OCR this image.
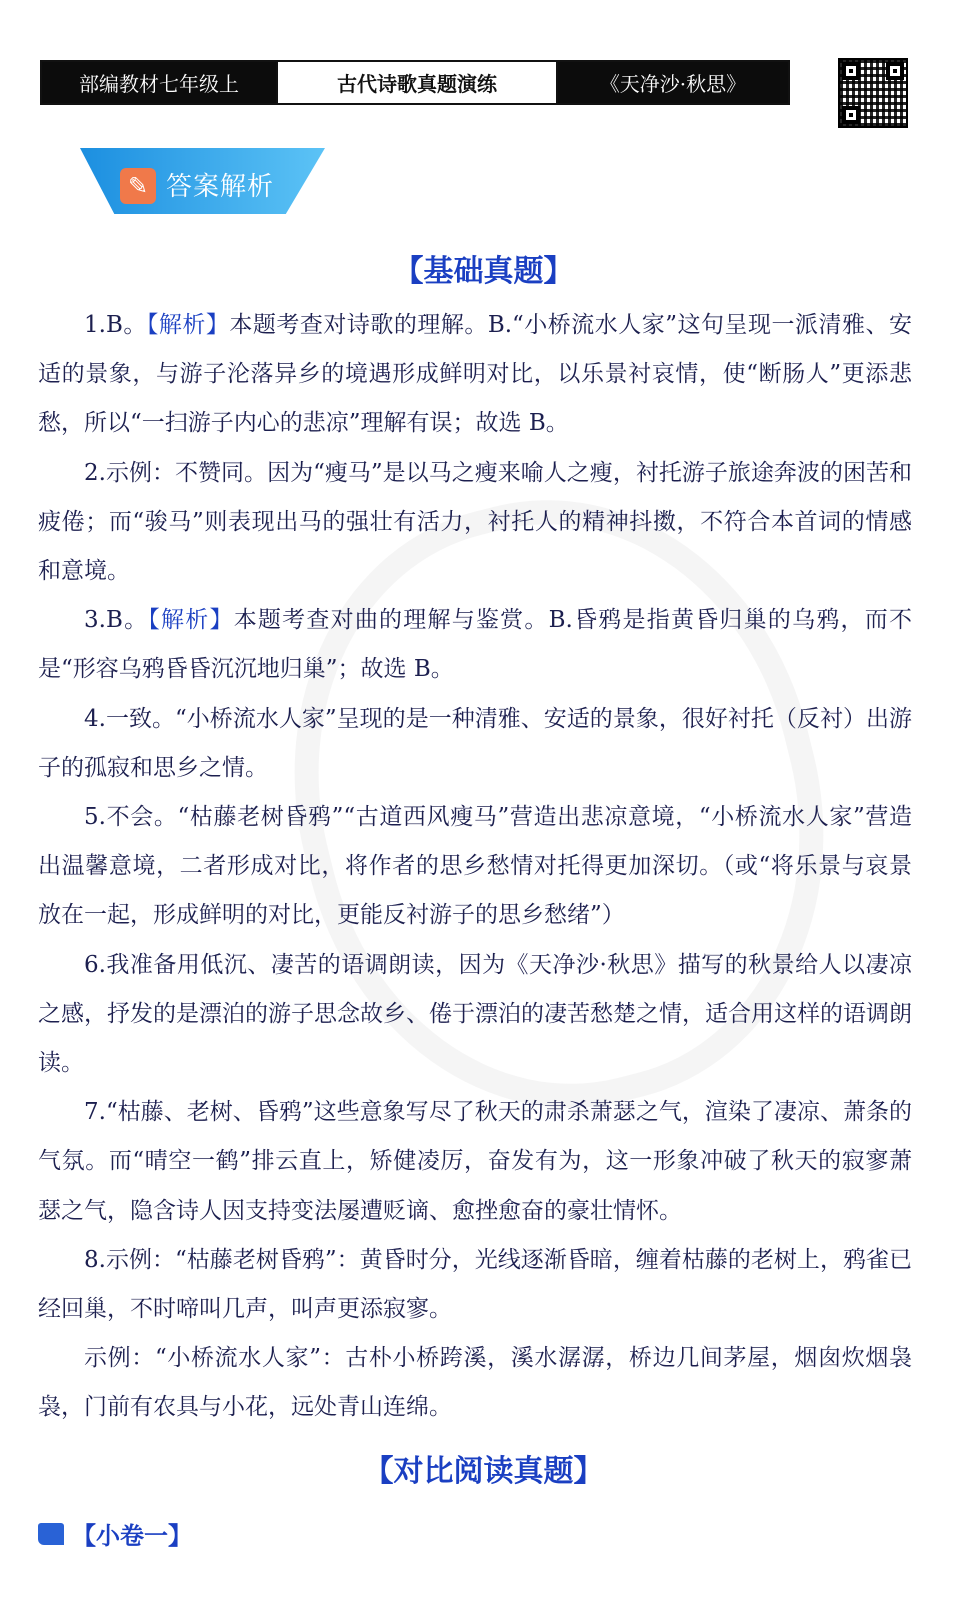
部编教材七年级上	古代诗歌真题演练	《天净沙·秋思》
✎ 答案解析
【基础真题】

1.B。【解析】本题考查对诗歌的理解。B.“小桥流水人家”这句呈现一派清雅、安适的景象，与游子沦落异乡的境遇形成鲜明对比，以乐景衬哀情，使“断肠人”更添悲愁，所以“一扫游子内心的悲凉”理解有误；故选 B。

2.示例：不赞同。因为“瘦马”是以马之瘦来喻人之瘦，衬托游子旅途奔波的困苦和疲倦；而“骏马”则表现出马的强壮有活力，衬托人的精神抖擞，不符合本首词的情感和意境。

3.B。【解析】本题考查对曲的理解与鉴赏。B.昏鸦是指黄昏归巢的乌鸦，而不是“形容乌鸦昏昏沉沉地归巢”；故选 B。

4.一致。“小桥流水人家”呈现的是一种清雅、安适的景象，很好衬托（反衬）出游子的孤寂和思乡之情。

5.不会。“枯藤老树昏鸦”“古道西风瘦马”营造出悲凉意境，“小桥流水人家”营造出温馨意境，二者形成对比，将作者的思乡愁情对托得更加深切。（或“将乐景与哀景放在一起，形成鲜明的对比，更能反衬游子的思乡愁绪”）

6.我准备用低沉、凄苦的语调朗读，因为《天净沙·秋思》描写的秋景给人以凄凉之感，抒发的是漂泊的游子思念故乡、倦于漂泊的凄苦愁楚之情，适合用这样的语调朗读。

7.“枯藤、老树、昏鸦”这些意象写尽了秋天的肃杀萧瑟之气，渲染了凄凉、萧条的气氛。而“晴空一鹤”排云直上，矫健凌厉，奋发有为，这一形象冲破了秋天的寂寥萧瑟之气，隐含诗人因支持变法屡遭贬谪、愈挫愈奋的豪壮情怀。

8.示例：“枯藤老树昏鸦”：黄昏时分，光线逐渐昏暗，缠着枯藤的老树上，鸦雀已经回巢，不时啼叫几声，叫声更添寂寥。

示例：“小桥流水人家”：古朴小桥跨溪，溪水潺潺，桥边几间茅屋，烟囱炊烟袅袅，门前有农具与小花，远处青山连绵。

【对比阅读真题】
【小卷一】
